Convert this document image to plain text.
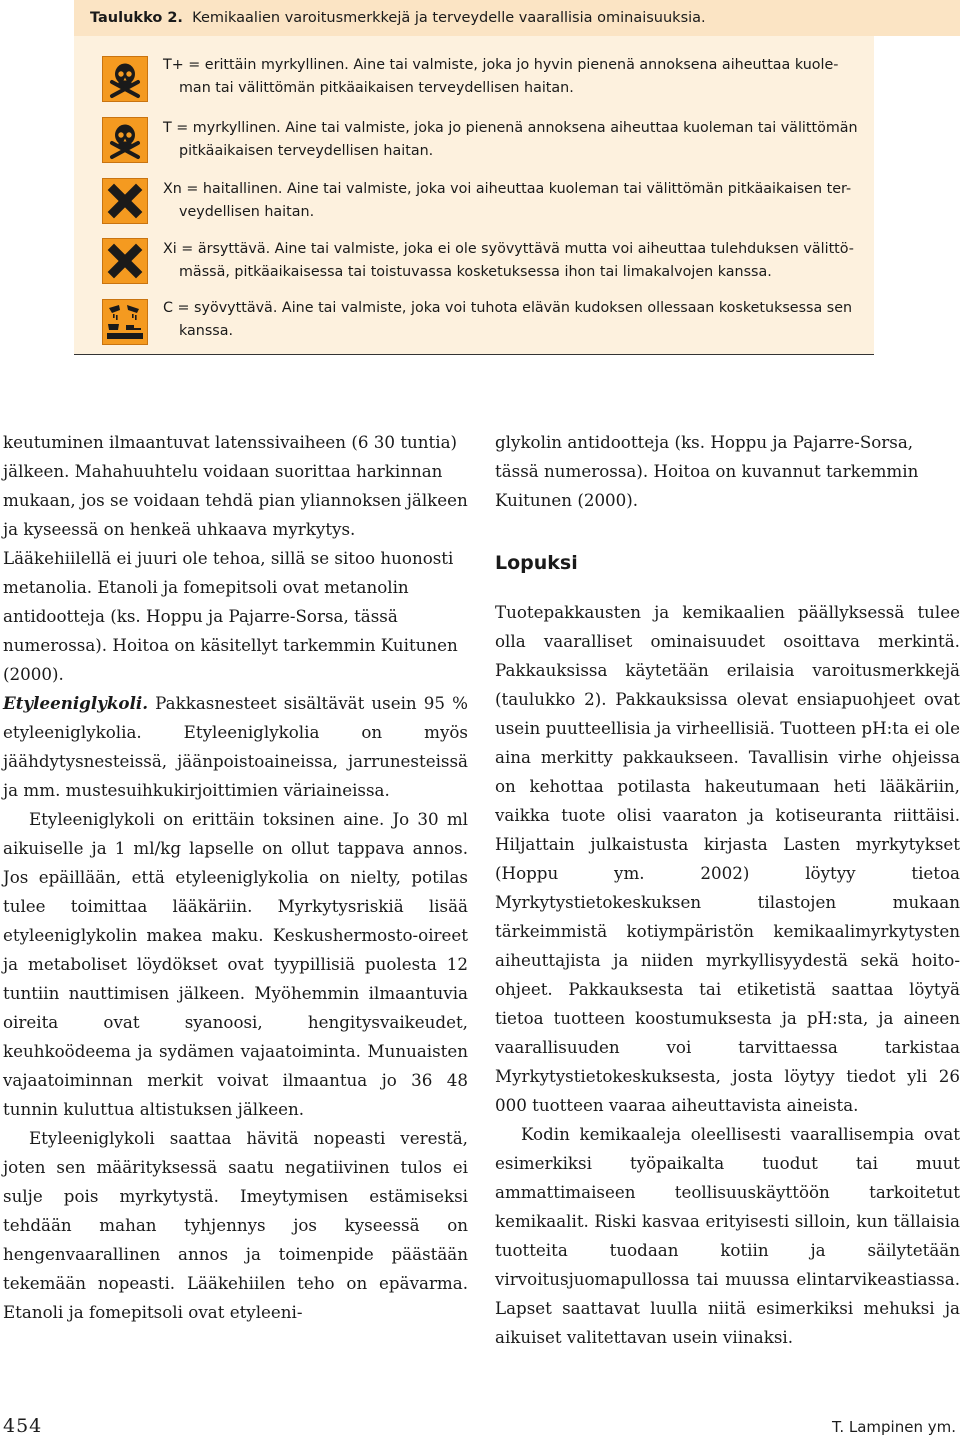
Taulukko 2. Kemikaalien varoitusmerkkejä ja terveydelle vaarallisia ominaisuuksia.
T+ = erittäin myrkyllinen. Aine tai valmiste, joka jo hyvin pienenä annoksena aiheuttaa kuole-
man tai välittömän pitkäaikaisen terveydellisen haitan.
T = myrkyllinen. Aine tai valmiste, joka jo pienenä annoksena aiheuttaa kuoleman tai välittömän
pitkäaikaisen terveydellisen haitan.
Xn = haitallinen. Aine tai valmiste, joka voi aiheuttaa kuoleman tai välittömän pitkäaikaisen ter-
veydellisen haitan.
Xi = ärsyttävä. Aine tai valmiste, joka ei ole syövyttävä mutta voi aiheuttaa tulehduksen välittö-
mässä, pitkäaikaisessa tai toistuvassa kosketuksessa ihon tai limakalvojen kanssa.
C = syövyttävä. Aine tai valmiste, joka voi tuhota elävän kudoksen ollessaan kosketuksessa sen
kanssa.

keutuminen ilmaantuvat latenssivaiheen (6 30 tuntia) jälkeen. Mahahuuhtelu voidaan suorittaa harkinnan mukaan, jos se voidaan tehdä pian yliannoksen jälkeen ja kyseessä on henkeä uhkaava myrkytys. Lääkehiilellä ei juuri ole tehoa, sillä se sitoo huonosti metanolia. Etanoli ja fomepitsoli ovat metanolin antidootteja (ks. Hoppu ja Pajarre-Sorsa, tässä numerossa). Hoitoa on käsitellyt tarkemmin Kuitunen (2000).

Etyleeniglykoli. Pakkasnesteet sisältävät usein 95 % etyleeniglykolia. Etyleeniglykolia on myös jäähdytysnesteissä, jäänpoistoaineissa, jarrunesteissä ja mm. mustesuihkukirjoittimien väriaineissa.

Etyleeniglykoli on erittäin toksinen aine. Jo 30 ml aikuiselle ja 1 ml/kg lapselle on ollut tappava annos. Jos epäillään, että etyleeniglykolia on nielty, potilas tulee toimittaa lääkäriin. Myrkytysriskiä lisää etyleeniglykolin makea maku. Keskushermosto-oireet ja metaboliset löydökset ovat tyypillisiä puolesta 12 tuntiin nauttimisen jälkeen. Myöhemmin ilmaantuvia oireita ovat syanoosi, hengitysvaikeudet, keuhkoödeema ja sydämen vajaatoiminta. Munuaisten vajaatoiminnan merkit voivat ilmaantua jo 36 48 tunnin kuluttua altistuksen jälkeen.

Etyleeniglykoli saattaa hävitä nopeasti verestä, joten sen määrityksessä saatu negatiivinen tulos ei sulje pois myrkytystä. Imeytymisen estämiseksi tehdään mahan tyhjennys jos kyseessä on hengenvaarallinen annos ja toimenpide päästään tekemään nopeasti. Lääkehiilen teho on epävarma. Etanoli ja fomepitsoli ovat etyleeni-

glykolin antidootteja (ks. Hoppu ja Pajarre-Sorsa, tässä numerossa). Hoitoa on kuvannut tarkemmin Kuitunen (2000).

Lopuksi

Tuotepakkausten ja kemikaalien päällyksessä tulee olla vaaralliset ominaisuudet osoittava merkintä. Pakkauksissa käytetään erilaisia varoitusmerkkejä (taulukko 2). Pakkauksissa olevat ensiapuohjeet ovat usein puutteellisia ja virheellisiä. Tuotteen pH:ta ei ole aina merkitty pakkaukseen. Tavallisin virhe ohjeissa on kehottaa potilasta hakeutumaan heti lääkäriin, vaikka tuote olisi vaaraton ja kotiseuranta riittäisi. Hiljattain julkaistusta kirjasta Lasten myrkytykset (Hoppu ym. 2002) löytyy tietoa Myrkytystietokeskuksen tilastojen mukaan tärkeimmistä kotiympäristön kemikaalimyrkytysten aiheuttajista ja niiden myrkyllisyydestä sekä hoito-ohjeet. Pakkauksesta tai etiketistä saattaa löytyä tietoa tuotteen koostumuksesta ja pH:sta, ja aineen vaarallisuuden voi tarvittaessa tarkistaa Myrkytystietokeskuksesta, josta löytyy tiedot yli 26 000 tuotteen vaaraa aiheuttavista aineista.

Kodin kemikaaleja oleellisesti vaarallisempia ovat esimerkiksi työpaikalta tuodut tai muut ammattimaiseen teollisuuskäyttöön tarkoitetut kemikaalit. Riski kasvaa erityisesti silloin, kun tällaisia tuotteita tuodaan kotiin ja säilytetään virvoitusjuomapullossa tai muussa elintarvikeastiassa. Lapset saattavat luulla niitä esimerkiksi mehuksi ja aikuiset valitettavan usein viinaksi.

454	T. Lampinen ym.
